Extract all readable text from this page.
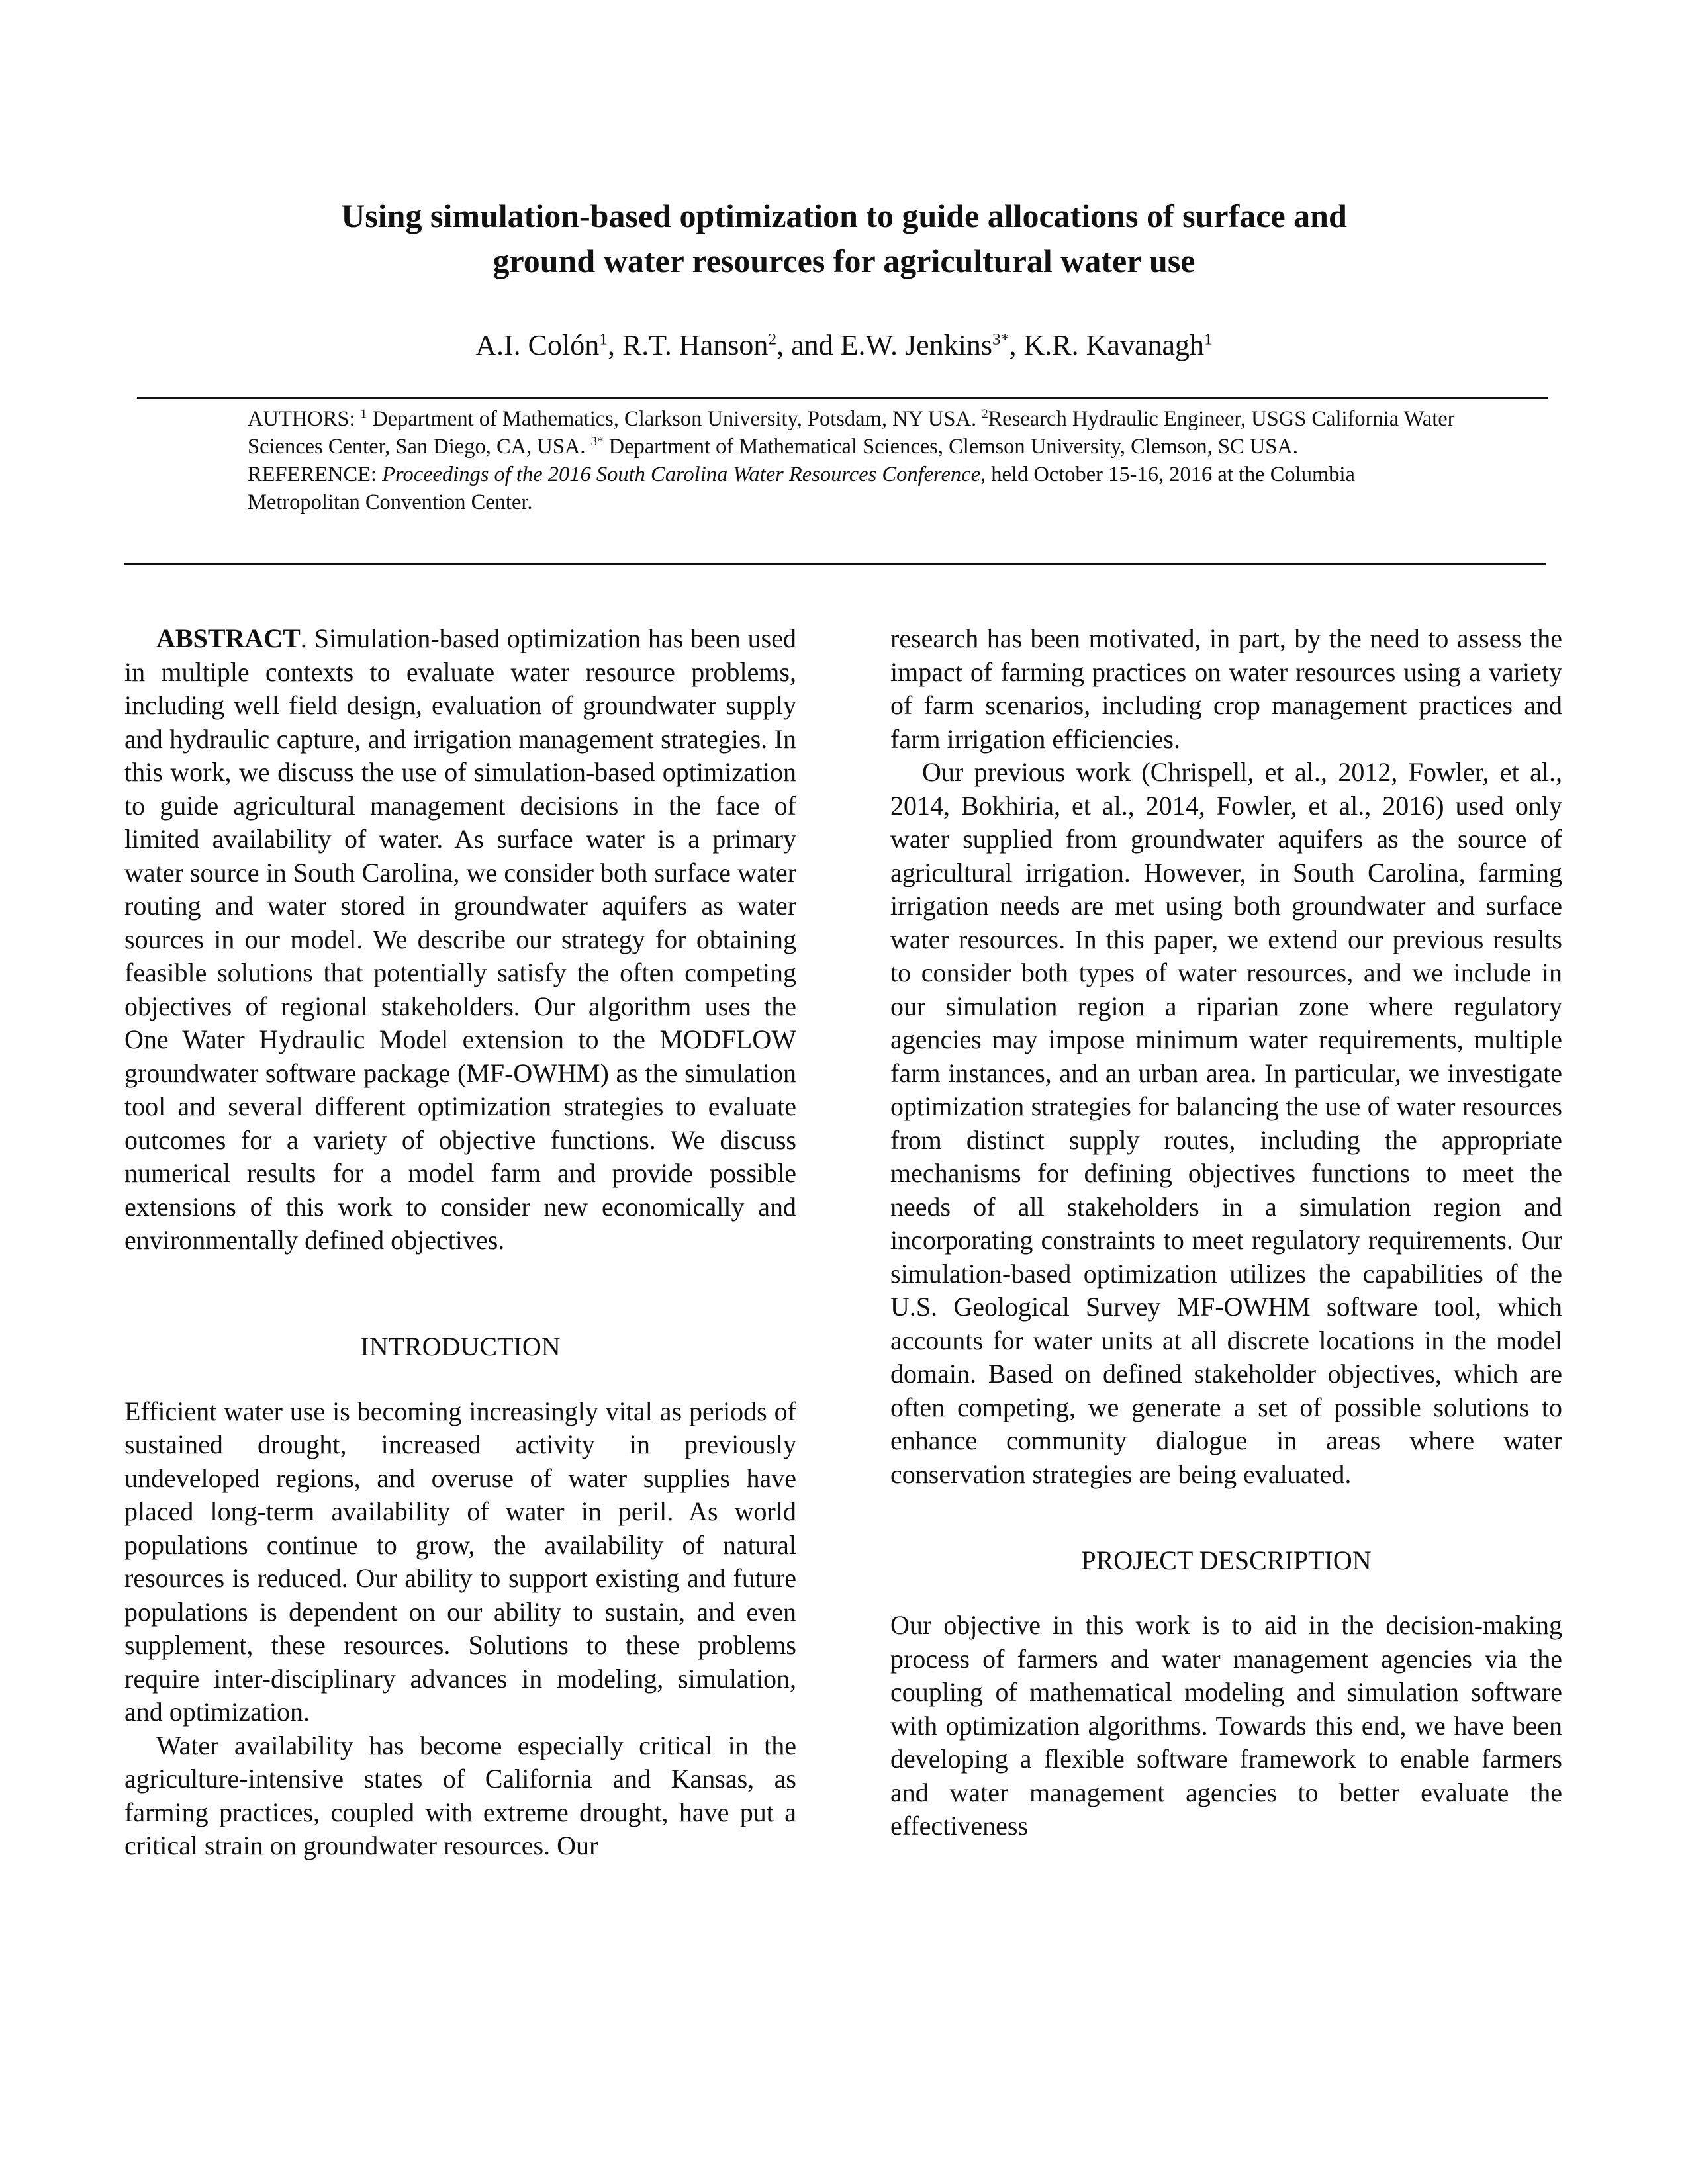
Using simulation-based optimization to guide allocations of surface and
ground water resources for agricultural water use
A.I. Colón$^1$, R.T. Hanson$^2$, and E.W. Jenkins$^{3*}$, K.R. Kavanagh$^1$

AUTHORS: $^1$ Department of Mathematics, Clarkson University, Potsdam, NY USA. $^2$Research Hydraulic Engineer, USGS California Water Sciences Center, San Diego, CA, USA. $^{3*}$ Department of Mathematical Sciences, Clemson University, Clemson, SC USA.

REFERENCE: Proceedings of the 2016 South Carolina Water Resources Conference, held October 15-16, 2016 at the Columbia Metropolitan Convention Center.

ABSTRACT. Simulation-based optimization has been used in multiple contexts to evaluate water resource problems, including well field design, evaluation of groundwater supply and hydraulic capture, and irrigation management strategies. In this work, we discuss the use of simulation-based optimization to guide agricultural management decisions in the face of limited availability of water. As surface water is a primary water source in South Carolina, we consider both surface water routing and water stored in groundwater aquifers as water sources in our model. We describe our strategy for obtaining feasible solutions that potentially satisfy the often competing objectives of regional stakeholders. Our algorithm uses the One Water Hydraulic Model extension to the MODFLOW groundwater software package (MF-OWHM) as the simulation tool and several different optimization strategies to evaluate outcomes for a variety of objective functions. We discuss numerical results for a model farm and provide possible extensions of this work to consider new economically and environmentally defined objectives.

INTRODUCTION

Efficient water use is becoming increasingly vital as periods of sustained drought, increased activity in previously undeveloped regions, and overuse of water supplies have placed long-term availability of water in peril. As world populations continue to grow, the availability of natural resources is reduced. Our ability to support existing and future populations is dependent on our ability to sustain, and even supplement, these resources. Solutions to these problems require inter-disciplinary advances in modeling, simulation, and optimization.

Water availability has become especially critical in the agriculture-intensive states of California and Kansas, as farming practices, coupled with extreme drought, have put a critical strain on groundwater resources. Our

research has been motivated, in part, by the need to assess the impact of farming practices on water resources using a variety of farm scenarios, including crop management practices and farm irrigation efficiencies.

Our previous work (Chrispell, et al., 2012, Fowler, et al., 2014, Bokhiria, et al., 2014, Fowler, et al., 2016) used only water supplied from groundwater aquifers as the source of agricultural irrigation. However, in South Carolina, farming irrigation needs are met using both groundwater and surface water resources. In this paper, we extend our previous results to consider both types of water resources, and we include in our simulation region a riparian zone where regulatory agencies may impose minimum water requirements, multiple farm instances, and an urban area. In particular, we investigate optimization strategies for balancing the use of water resources from distinct supply routes, including the appropriate mechanisms for defining objectives functions to meet the needs of all stakeholders in a simulation region and incorporating constraints to meet regulatory requirements. Our simulation-based optimization utilizes the capabilities of the U.S. Geological Survey MF-OWHM software tool, which accounts for water units at all discrete locations in the model domain. Based on defined stakeholder objectives, which are often competing, we generate a set of possible solutions to enhance community dialogue in areas where water conservation strategies are being evaluated.

PROJECT DESCRIPTION

Our objective in this work is to aid in the decision-making process of farmers and water management agencies via the coupling of mathematical modeling and simulation software with optimization algorithms. Towards this end, we have been developing a flexible software framework to enable farmers and water management agencies to better evaluate the effectiveness
